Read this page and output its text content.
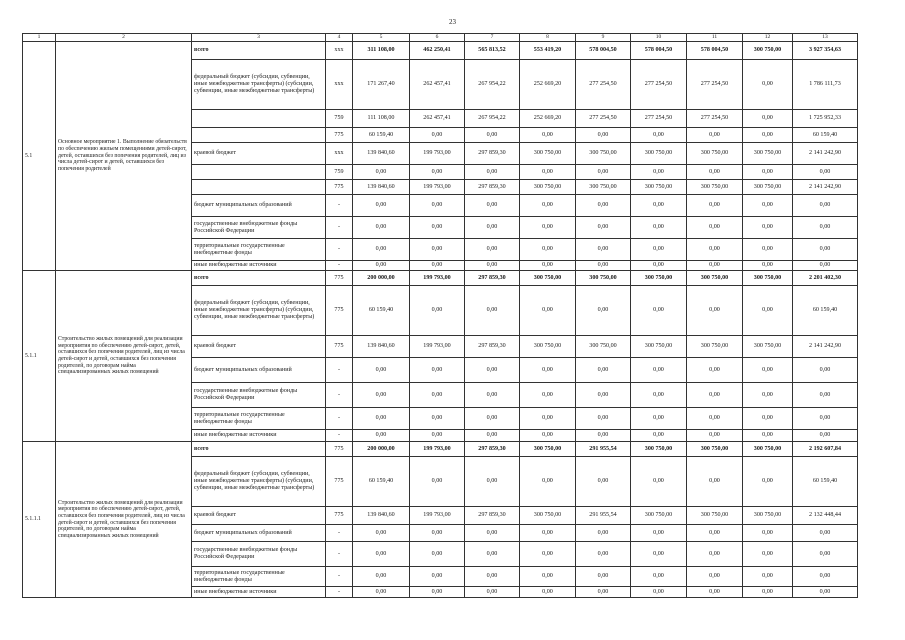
23
1	2	3	4	5	6	7	8	9	10	11	12	13
5.1	Основное мероприятие 1. Выполнение обязательств по обеспечению жильем помещениями детей-сирот, детей, оставшихся без попечения родителей, лиц из числа детей-сирот и детей, оставшихся без попечения родителей	всего	ххх	311 108,00	462 250,41	565 813,52	553 419,20	578 004,50	578 004,50	578 004,50	300 750,00	3 927 354,63
		федеральный бюджет (субсидии, субвенции, иные межбюджетные трансферты) (субсидии, субвенции, иные межбюджетные трансферты)	ххх	171 267,40	262 457,41	267 954,22	252 669,20	277 254,50	277 254,50	277 254,50	0,00	1 786 111,73
			759	111 108,00	262 457,41	267 954,22	252 669,20	277 254,50	277 254,50	277 254,50	0,00	1 725 952,33
			775	60 159,40	0,00	0,00	0,00	0,00	0,00	0,00	0,00	60 159,40
		краевой бюджет	ххх	139 840,60	199 793,00	297 859,30	300 750,00	300 750,00	300 750,00	300 750,00	300 750,00	2 141 242,90
			759	0,00	0,00	0,00	0,00	0,00	0,00	0,00	0,00	0,00
			775	139 840,60	199 793,00	297 859,30	300 750,00	300 750,00	300 750,00	300 750,00	300 750,00	2 141 242,90
		бюджет муниципальных образований	-	0,00	0,00	0,00	0,00	0,00	0,00	0,00	0,00	0,00
		государственные внебюджетные фонды Российской Федерации	-	0,00	0,00	0,00	0,00	0,00	0,00	0,00	0,00	0,00
		территориальные государственные внебюджетные фонды	-	0,00	0,00	0,00	0,00	0,00	0,00	0,00	0,00	0,00
		иные внебюджетные источники	-	0,00	0,00	0,00	0,00	0,00	0,00	0,00	0,00	0,00
5.1.1	Строительство жилых помещений для реализации мероприятия по обеспечению детей-сирот, детей, оставшихся без попечения родителей, лиц из числа детей-сирот и детей, оставшихся без попечения родителей, по договорам найма специализированных жилых помещений	всего	775	200 000,00	199 793,00	297 859,30	300 750,00	300 750,00	300 750,00	300 750,00	300 750,00	2 201 402,30
		федеральный бюджет (субсидии, субвенции, иные межбюджетные трансферты) (субсидии, субвенции, иные межбюджетные трансферты)	775	60 159,40	0,00	0,00	0,00	0,00	0,00	0,00	0,00	60 159,40
		краевой бюджет	775	139 840,60	199 793,00	297 859,30	300 750,00	300 750,00	300 750,00	300 750,00	300 750,00	2 141 242,90
		бюджет муниципальных образований	-	0,00	0,00	0,00	0,00	0,00	0,00	0,00	0,00	0,00
		государственные внебюджетные фонды Российской Федерации	-	0,00	0,00	0,00	0,00	0,00	0,00	0,00	0,00	0,00
		территориальные государственные внебюджетные фонды	-	0,00	0,00	0,00	0,00	0,00	0,00	0,00	0,00	0,00
		иные внебюджетные источники	-	0,00	0,00	0,00	0,00	0,00	0,00	0,00	0,00	0,00
5.1.1.1	Строительство жилых помещений для реализации мероприятия по обеспечению детей-сирот, детей, оставшихся без попечения родителей, лиц из числа детей-сирот и детей, оставшихся без попечения родителей, по договорам найма специализированных жилых помещений	всего	775	200 000,00	199 793,00	297 859,30	300 750,00	291 955,54	300 750,00	300 750,00	300 750,00	2 192 607,84
		федеральный бюджет (субсидии, субвенции, иные межбюджетные трансферты) (субсидии, субвенции, иные межбюджетные трансферты)	775	60 159,40	0,00	0,00	0,00	0,00	0,00	0,00	0,00	60 159,40
		краевой бюджет	775	139 840,60	199 793,00	297 859,30	300 750,00	291 955,54	300 750,00	300 750,00	300 750,00	2 132 448,44
		бюджет муниципальных образований	-	0,00	0,00	0,00	0,00	0,00	0,00	0,00	0,00	0,00
		государственные внебюджетные фонды Российской Федерации	-	0,00	0,00	0,00	0,00	0,00	0,00	0,00	0,00	0,00
		территориальные государственные внебюджетные фонды	-	0,00	0,00	0,00	0,00	0,00	0,00	0,00	0,00	0,00
		иные внебюджетные источники	-	0,00	0,00	0,00	0,00	0,00	0,00	0,00	0,00	0,00
